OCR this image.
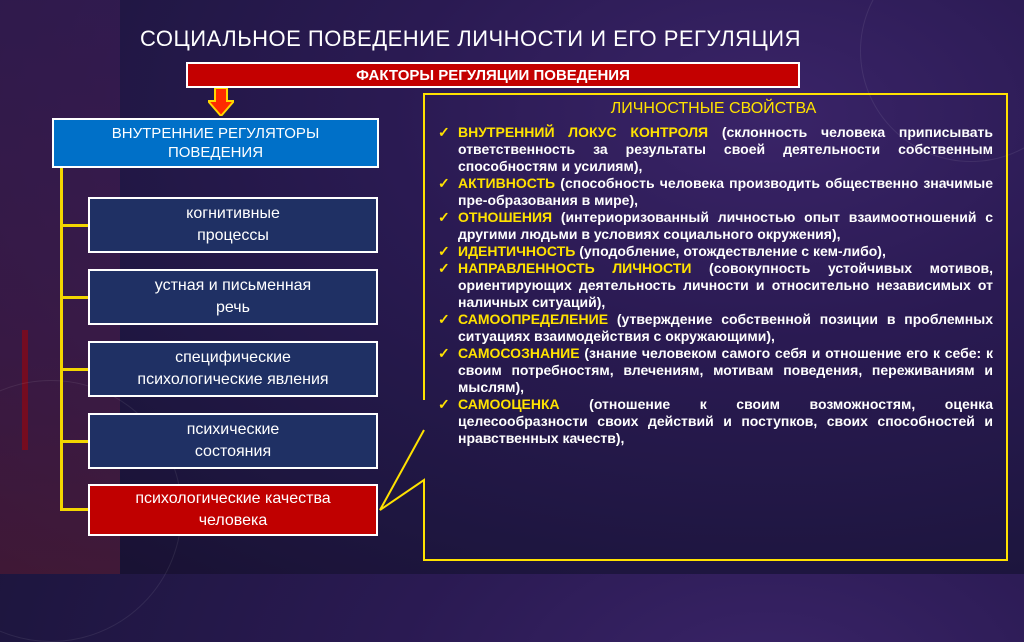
СОЦИАЛЬНОЕ ПОВЕДЕНИЕ ЛИЧНОСТИ И ЕГО РЕГУЛЯЦИЯ
ФАКТОРЫ РЕГУЛЯЦИИ ПОВЕДЕНИЯ
ВНУТРЕННИЕ РЕГУЛЯТОРЫ
ПОВЕДЕНИЯ
когнитивные
процессы
устная и письменная
речь
специфические
психологические явления
психические
состояния
психологические качества
человека
ЛИЧНОСТНЫЕ СВОЙСТВА
✓ ВНУТРЕННИЙ ЛОКУС КОНТРОЛЯ (склонность человека приписывать ответственность за результаты своей деятельности собственным способностям и усилиям),
✓ АКТИВНОСТЬ (способность человека производить общественно значимые пре-образования в мире),
✓ ОТНОШЕНИЯ (интериоризованный личностью опыт взаимоотношений с другими людьми в условиях социального окружения),
✓ ИДЕНТИЧНОСТЬ (уподобление, отождествление с кем-либо),
✓ НАПРАВЛЕННОСТЬ ЛИЧНОСТИ (совокупность устойчивых мотивов, ориентирующих деятельность личности и относительно независимых от наличных ситуаций),
✓ САМООПРЕДЕЛЕНИЕ (утверждение собственной позиции в проблемных ситуациях взаимодействия с окружающими),
✓ САМОСОЗНАНИЕ (знание человеком самого себя и отношение его к себе: к своим потребностям, влечениям, мотивам поведения, переживаниям и мыслям),
✓ САМООЦЕНКА (отношение к своим возможностям, оценка целесообразности своих действий и поступков, своих способностей и нравственных качеств),
